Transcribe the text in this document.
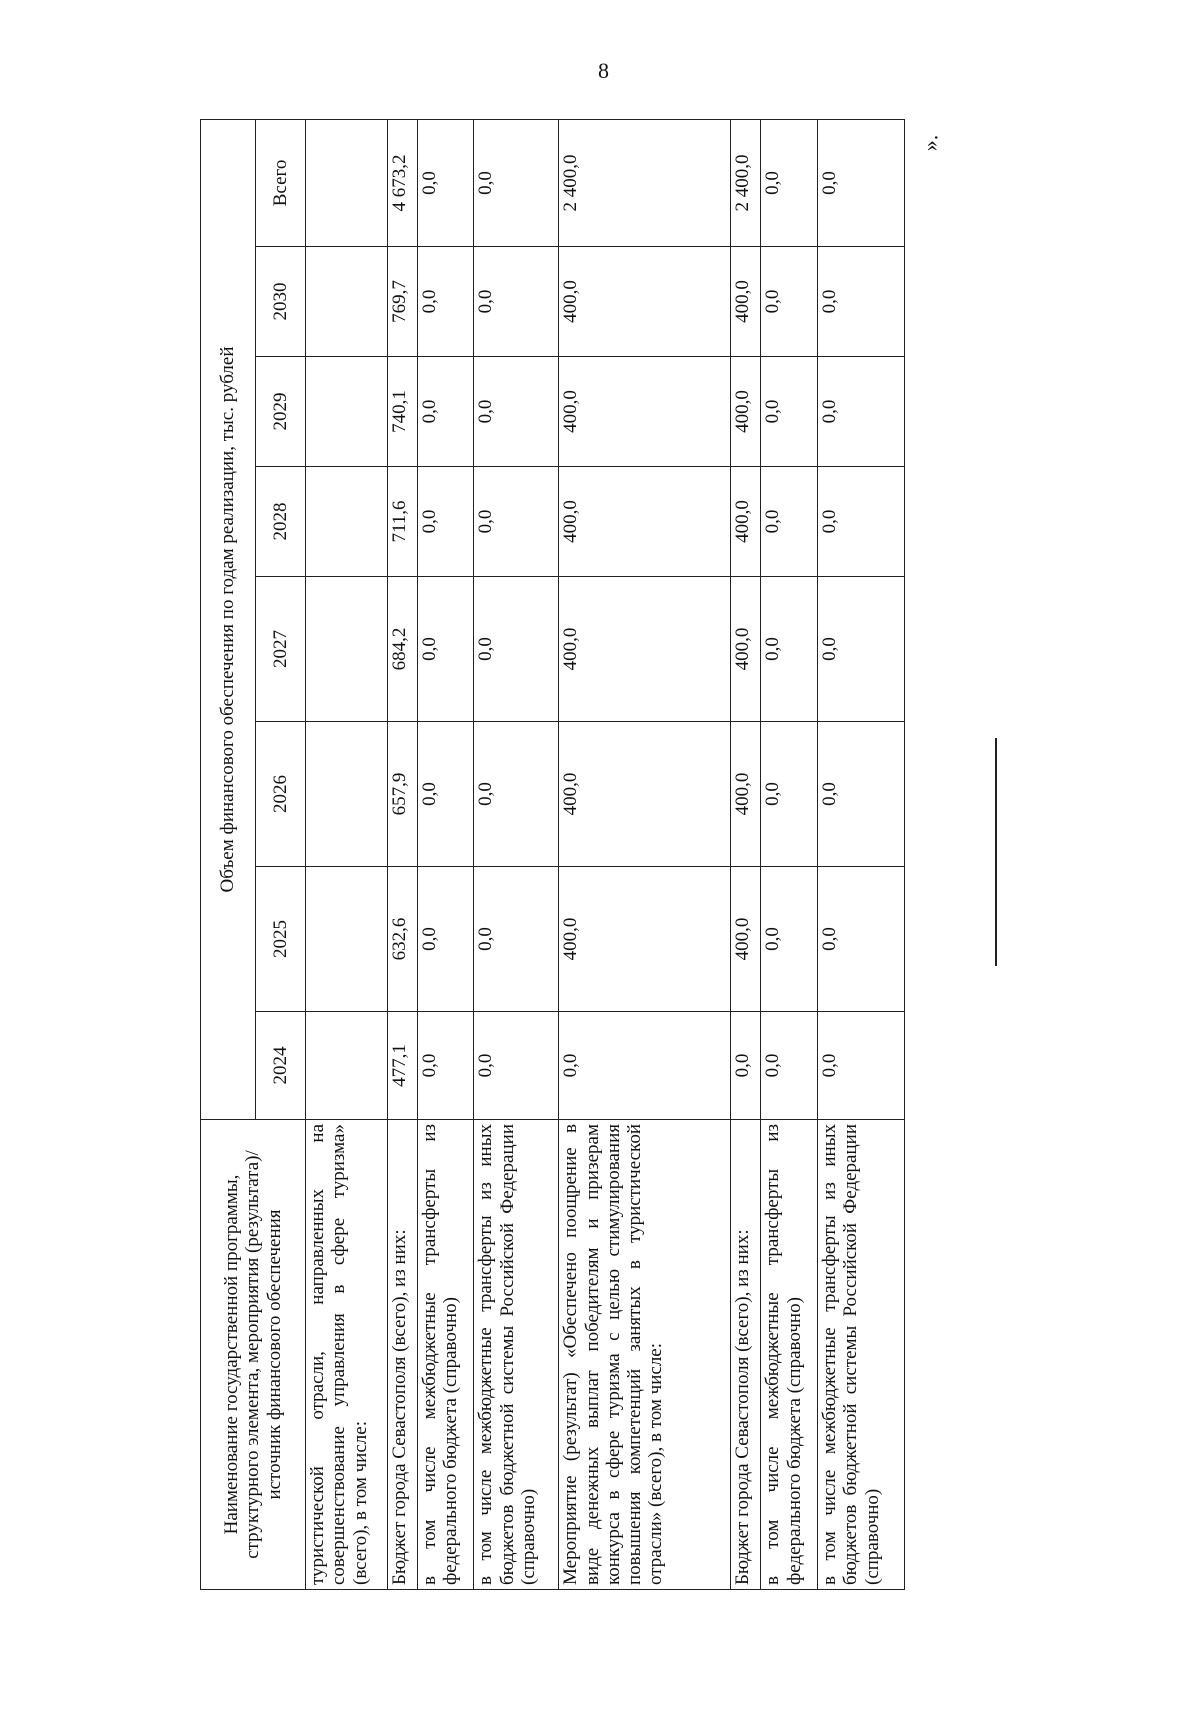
8
Наименование государственной программы, структурного элемента, мероприятия (результата)/источник финансового обеспечения	Объем финансового обеспечения по годам реализации, тыс. рублей							
	2024	2025	2026	2027	2028	2029	2030	Всего
туристической отрасли, направленных на совершенствование управления в сфере туризма» (всего), в том числе:								
Бюджет города Севастополя (всего), из них:	477,1	632,6	657,9	684,2	711,6	740,1	769,7	4 673,2
в том числе межбюджетные трансферты из федерального бюджета (справочно)	0,0	0,0	0,0	0,0	0,0	0,0	0,0	0,0
в том числе межбюджетные трансферты из иных бюджетов бюджетной системы Российской Федерации (справочно)	0,0	0,0	0,0	0,0	0,0	0,0	0,0	0,0
Мероприятие (результат) «Обеспечено поощрение в виде денежных выплат победителям и призерам конкурса в сфере туризма с целью стимулирования повышения компетенций занятых в туристической отрасли» (всего), в том числе:	0,0	400,0	400,0	400,0	400,0	400,0	400,0	2 400,0
Бюджет города Севастополя (всего), из них:	0,0	400,0	400,0	400,0	400,0	400,0	400,0	2 400,0
в том числе межбюджетные трансферты из федерального бюджета (справочно)	0,0	0,0	0,0	0,0	0,0	0,0	0,0	0,0
в том числе межбюджетные трансферты из иных бюджетов бюджетной системы Российской Федерации (справочно)	0,0	0,0	0,0	0,0	0,0	0,0	0,0	0,0
».
